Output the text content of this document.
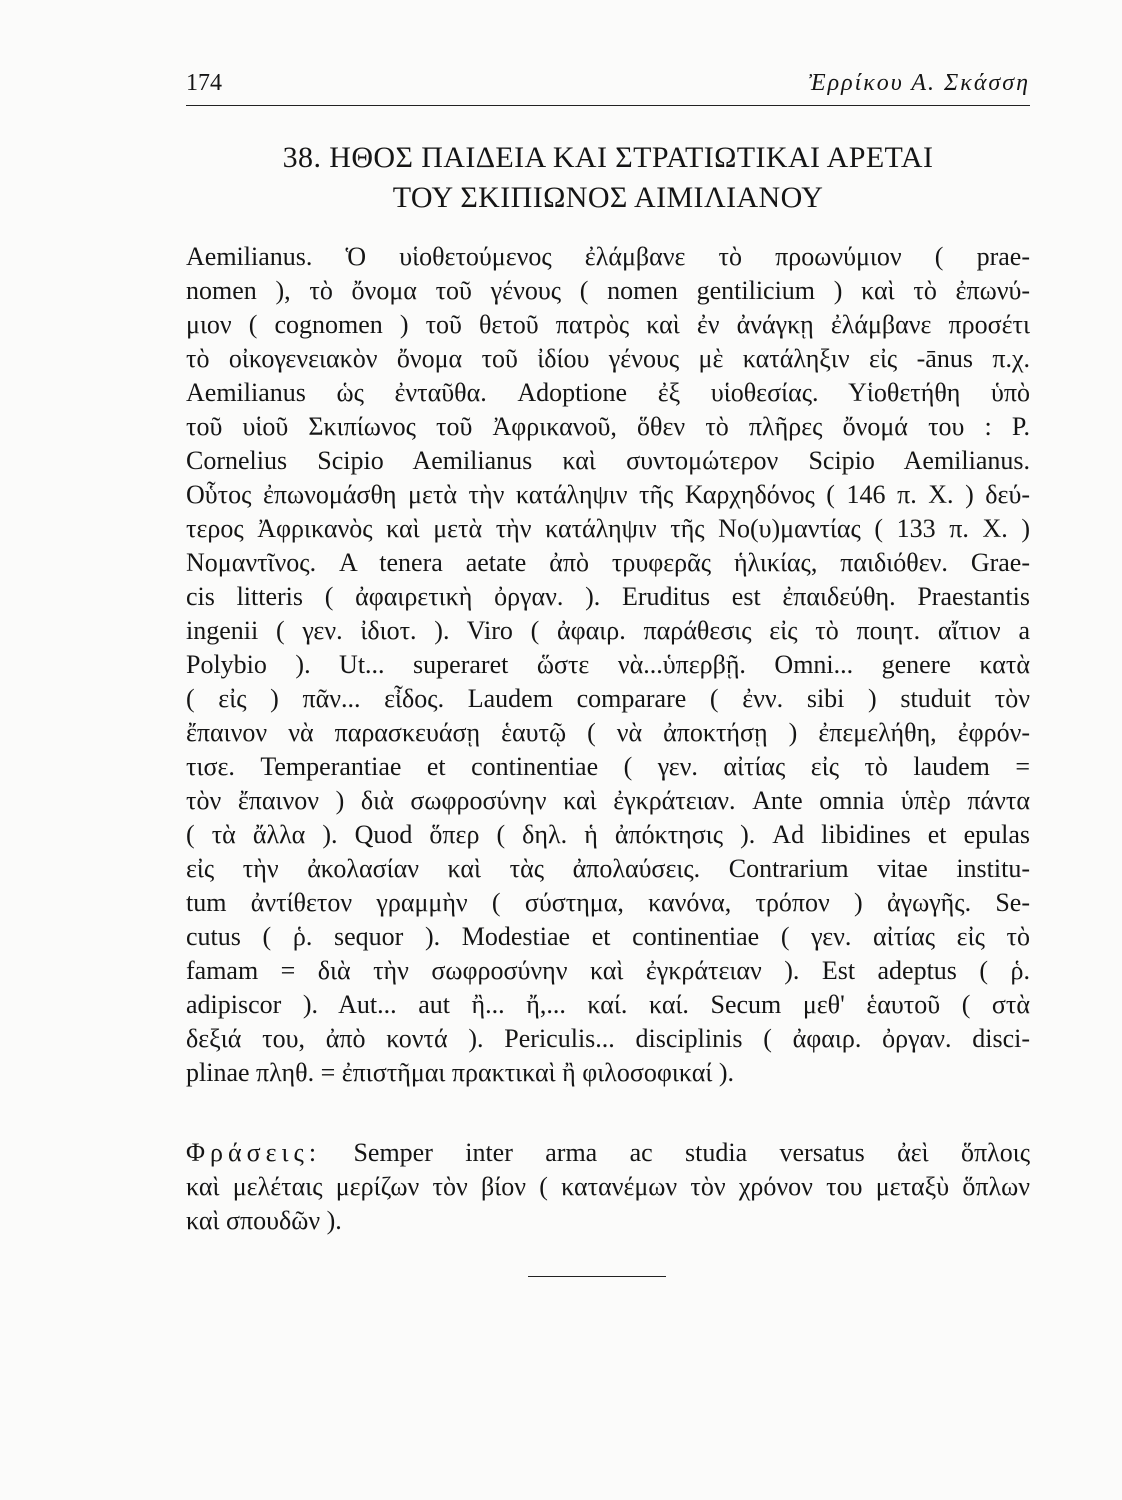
174	Ἐρρίκου Α. Σκάσση
38. ΗΘΟΣ ΠΑΙΔΕΙΑ ΚΑΙ ΣΤΡΑΤΙΩΤΙΚΑΙ ΑΡΕΤΑΙ
ΤΟΥ ΣΚΙΠΙΩΝΟΣ ΑΙΜΙΛΙΑΝΟΥ
Aemilianus. Ὁ υἱοθετούμενος ἐλάμβανε τὸ προωνύμιον ( prae-
nomen ), τὸ ὄνομα τοῦ γένους ( nomen gentilicium ) καὶ τὸ ἐπωνύ-
μιον ( cognomen ) τοῦ θετοῦ πατρὸς καὶ ἐν ἀνάγκῃ ἐλάμβανε προσέτι
τὸ οἰκογενειακὸν ὄνομα τοῦ ἰδίου γένους μὲ κατάληξιν εἰς -ānus π.χ.
Aemilianus ὡς ἐνταῦθα. Adoptione ἐξ υἱοθεσίας. Υἱοθετήθη ὑπὸ
τοῦ υἱοῦ Σκιπίωνος τοῦ Ἀφρικανοῦ, ὅθεν τὸ πλῆρες ὄνομά του : P.
Cornelius Scipio Aemilianus καὶ συντομώτερον Scipio Aemilianus.
Οὗτος ἐπωνομάσθη μετὰ τὴν κατάληψιν τῆς Καρχηδόνος ( 146 π. Χ. ) δεύ-
τερος Ἀφρικανὸς καὶ μετὰ τὴν κατάληψιν τῆς Νο(υ)μαντίας ( 133 π. Χ. )
Νομαντῖνος. A tenera aetate ἀπὸ τρυφερᾶς ἡλικίας, παιδιόθεν. Grae-
cis litteris ( ἀφαιρετικὴ ὀργαν. ). Eruditus est ἐπαιδεύθη. Praestantis
ingenii ( γεν. ἰδιοτ. ). Viro ( ἀφαιρ. παράθεσις εἰς τὸ ποιητ. αἴτιον a
Polybio ). Ut... superaret ὥστε νὰ...ὑπερβῇ. Omni... genere κατὰ
( εἰς ) πᾶν... εἶδος. Laudem comparare ( ἐνν. sibi ) studuit τὸν
ἔπαινον νὰ παρασκευάσῃ ἑαυτῷ ( νὰ ἀποκτήσῃ ) ἐπεμελήθη, ἐφρόν-
τισε. Temperantiae et continentiae ( γεν. αἰτίας εἰς τὸ laudem =
τὸν ἔπαινον ) διὰ σωφροσύνην καὶ ἐγκράτειαν. Ante omnia ὑπὲρ πάντα
( τὰ ἄλλα ). Quod ὅπερ ( δηλ. ἡ ἀπόκτησις ). Ad libidines et epulas
εἰς τὴν ἀκολασίαν καὶ τὰς ἀπολαύσεις. Contrarium vitae institu-
tum ἀντίθετον γραμμὴν ( σύστημα, κανόνα, τρόπον ) ἀγωγῆς. Se-
cutus ( ῥ. sequor ). Modestiae et continentiae ( γεν. αἰτίας εἰς τὸ
famam = διὰ τὴν σωφροσύνην καὶ ἐγκράτειαν ). Est adeptus ( ῥ.
adipiscor ). Aut... aut ἢ... ἤ,... καί. καί. Secum μεθ' ἑαυτοῦ ( στὰ
δεξιά του, ἀπὸ κοντά ). Periculis... disciplinis ( ἀφαιρ. ὀργαν. disci-
plinae πληθ. = ἐπιστῆμαι πρακτικαὶ ἢ φιλοσοφικαί ).
Φράσεις: Semper inter arma ac studia versatus ἀεὶ ὅπλοις
καὶ μελέταις μερίζων τὸν βίον ( κατανέμων τὸν χρόνον του μεταξὺ ὅπλων
καὶ σπουδῶν ).
